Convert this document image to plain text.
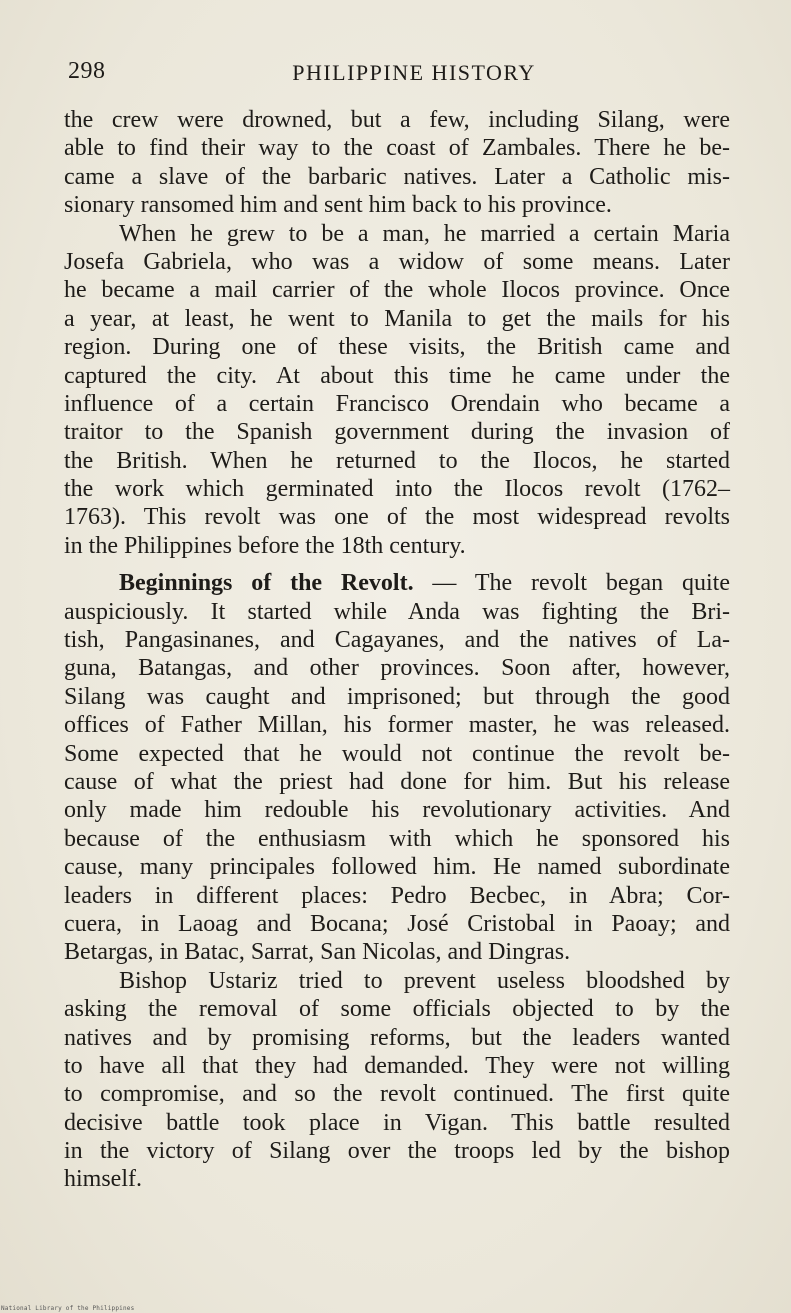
298	PHILIPPINE HISTORY
the crew were drowned, but a few, including Silang, were
able to find their way to the coast of Zambales. There he be-
came a slave of the barbaric natives. Later a Catholic mis-
sionary ransomed him and sent him back to his province.
When he grew to be a man, he married a certain Maria
Josefa Gabriela, who was a widow of some means. Later
he became a mail carrier of the whole Ilocos province. Once
a year, at least, he went to Manila to get the mails for his
region. During one of these visits, the British came and
captured the city. At about this time he came under the
influence of a certain Francisco Orendain who became a
traitor to the Spanish government during the invasion of
the British. When he returned to the Ilocos, he started
the work which germinated into the Ilocos revolt (1762–
1763). This revolt was one of the most widespread revolts
in the Philippines before the 18th century.
Beginnings of the Revolt. — The revolt began quite
auspiciously. It started while Anda was fighting the Bri-
tish, Pangasinanes, and Cagayanes, and the natives of La-
guna, Batangas, and other provinces. Soon after, however,
Silang was caught and imprisoned; but through the good
offices of Father Millan, his former master, he was released.
Some expected that he would not continue the revolt be-
cause of what the priest had done for him. But his release
only made him redouble his revolutionary activities. And
because of the enthusiasm with which he sponsored his
cause, many principales followed him. He named subordinate
leaders in different places: Pedro Becbec, in Abra; Cor-
cuera, in Laoag and Bocana; José Cristobal in Paoay; and
Betargas, in Batac, Sarrat, San Nicolas, and Dingras.
Bishop Ustariz tried to prevent useless bloodshed by
asking the removal of some officials objected to by the
natives and by promising reforms, but the leaders wanted
to have all that they had demanded. They were not willing
to compromise, and so the revolt continued. The first quite
decisive battle took place in Vigan. This battle resulted
in the victory of Silang over the troops led by the bishop
himself.
National Library of the Philippines
